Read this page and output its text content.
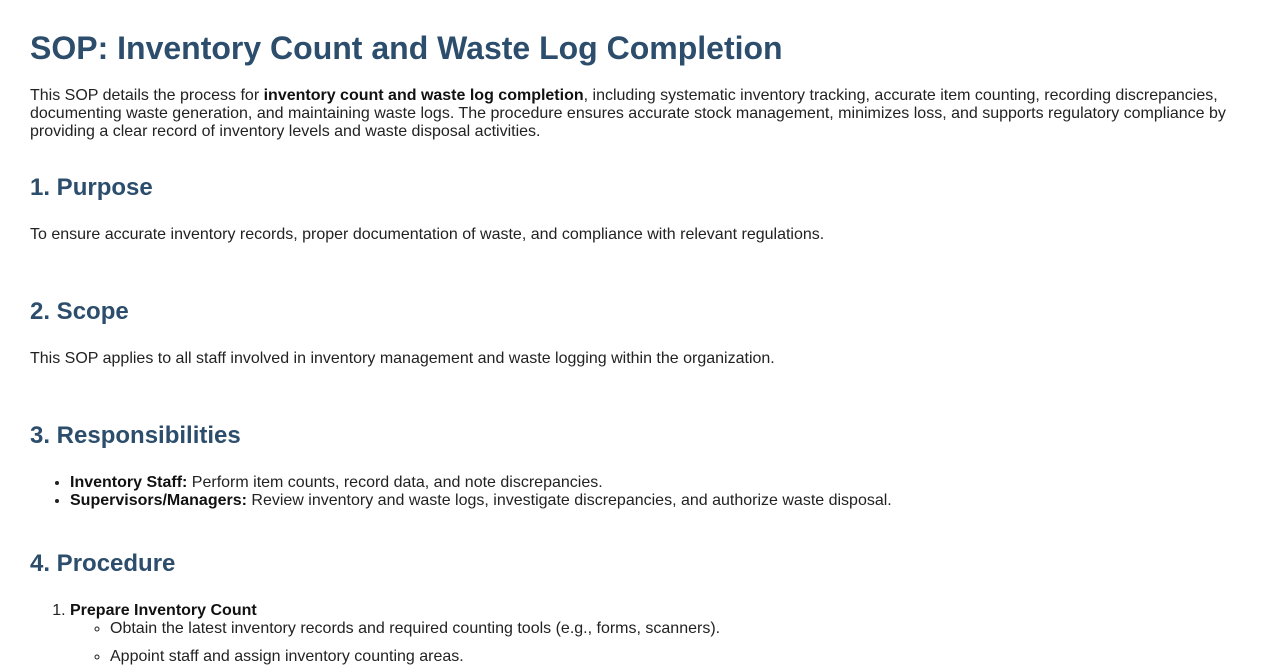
SOP: Inventory Count and Waste Log Completion

This SOP details the process for inventory count and waste log completion, including systematic inventory tracking, accurate item counting, recording discrepancies, documenting waste generation, and maintaining waste logs. The procedure ensures accurate stock management, minimizes loss, and supports regulatory compliance by providing a clear record of inventory levels and waste disposal activities.

1. Purpose

To ensure accurate inventory records, proper documentation of waste, and compliance with relevant regulations.

2. Scope

This SOP applies to all staff involved in inventory management and waste logging within the organization.

3. Responsibilities
• Inventory Staff: Perform item counts, record data, and note discrepancies.
• Supervisors/Managers: Review inventory and waste logs, investigate discrepancies, and authorize waste disposal.
4. Procedure
1. Prepare Inventory Count
◦ Obtain the latest inventory records and required counting tools (e.g., forms, scanners).
◦ Appoint staff and assign inventory counting areas.
